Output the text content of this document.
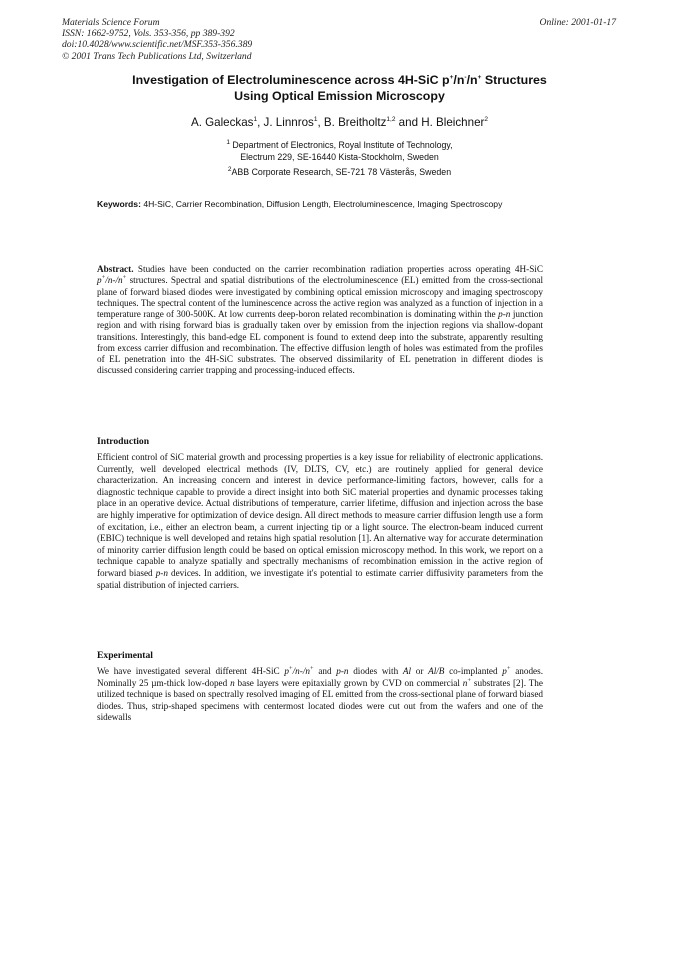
Materials Science Forum
ISSN: 1662-9752, Vols. 353-356, pp 389-392
doi:10.4028/www.scientific.net/MSF.353-356.389
© 2001 Trans Tech Publications Ltd, Switzerland
Online: 2001-01-17
Investigation of Electroluminescence across 4H-SiC p+/n-/n+ Structures
Using Optical Emission Microscopy
A. Galeckas$^1$, J. Linnros$^1$, B. Breitholtz$^{1,2}$ and H. Bleichner$^2$
$^1$ Department of Electronics, Royal Institute of Technology,
Electrum 229, SE-16440 Kista-Stockholm, Sweden
$^2$ABB Corporate Research, SE-721 78 Västerås, Sweden
Keywords: 4H-SiC, Carrier Recombination, Diffusion Length, Electroluminescence, Imaging Spectroscopy
Abstract. Studies have been conducted on the carrier recombination radiation properties across operating 4H-SiC p+/n-/n+ structures. Spectral and spatial distributions of the electroluminescence (EL) emitted from the cross-sectional plane of forward biased diodes were investigated by combining optical emission microscopy and imaging spectroscopy techniques. The spectral content of the luminescence across the active region was analyzed as a function of injection in a temperature range of 300-500K. At low currents deep-boron related recombination is dominating within the p-n junction region and with rising forward bias is gradually taken over by emission from the injection regions via shallow-dopant transitions. Interestingly, this band-edge EL component is found to extend deep into the substrate, apparently resulting from excess carrier diffusion and recombination. The effective diffusion length of holes was estimated from the profiles of EL penetration into the 4H-SiC substrates. The observed dissimilarity of EL penetration in different diodes is discussed considering carrier trapping and processing-induced effects.
Introduction
Efficient control of SiC material growth and processing properties is a key issue for reliability of electronic applications. Currently, well developed electrical methods (IV, DLTS, CV, etc.) are routinely applied for general device characterization. An increasing concern and interest in device performance-limiting factors, however, calls for a diagnostic technique capable to provide a direct insight into both SiC material properties and dynamic processes taking place in an operative device. Actual distributions of temperature, carrier lifetime, diffusion and injection across the base are highly imperative for optimization of device design. All direct methods to measure carrier diffusion length use a form of excitation, i.e., either an electron beam, a current injecting tip or a light source. The electron-beam induced current (EBIC) technique is well developed and retains high spatial resolution [1]. An alternative way for accurate determination of minority carrier diffusion length could be based on optical emission microscopy method. In this work, we report on a technique capable to analyze spatially and spectrally mechanisms of recombination emission in the active region of forward biased p-n devices. In addition, we investigate it's potential to estimate carrier diffusivity parameters from the spatial distribution of injected carriers.
Experimental
We have investigated several different 4H-SiC p+/n-/n+ and p-n diodes with Al or Al/B co-implanted p+ anodes. Nominally 25 µm-thick low-doped n base layers were epitaxially grown by CVD on commercial n+ substrates [2]. The utilized technique is based on spectrally resolved imaging of EL emitted from the cross-sectional plane of forward biased diodes. Thus, strip-shaped specimens with centermost located diodes were cut out from the wafers and one of the sidewalls
